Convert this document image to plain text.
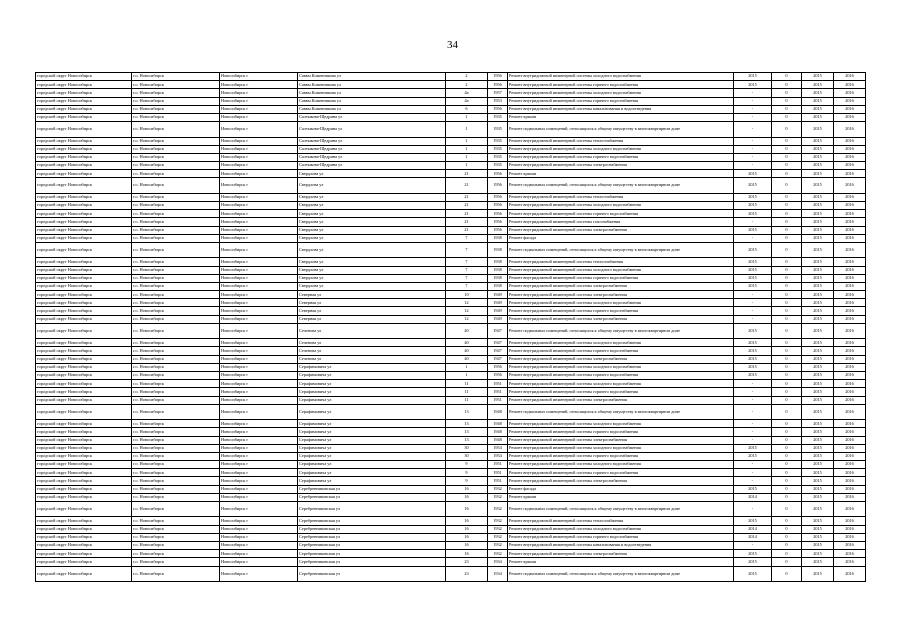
34
городской округ Новосибирск	г.о. Новосибирск	Новосибирск г	Саввы Кожевникова ул	2	1956	Ремонт внутридомовой инженерной системы холодного водоснабжения	2015	0	2015	2016
городской округ Новосибирск	г.о. Новосибирск	Новосибирск г	Саввы Кожевникова ул	2	1956	Ремонт внутридомовой инженерной системы горячего водоснабжения	2015	0	2015	2016
городской округ Новосибирск	г.о. Новосибирск	Новосибирск г	Саввы Кожевникова ул	4а	1957	Ремонт внутридомовой инженерной системы холодного водоснабжения	-	0	2015	2016
городской округ Новосибирск	г.о. Новосибирск	Новосибирск г	Саввы Кожевникова ул	4а	1953	Ремонт внутридомовой инженерной системы горячего водоснабжения	-	0	2015	2016
городской округ Новосибирск	г.о. Новосибирск	Новосибирск г	Саввы Кожевникова ул	6	1956	Ремонт внутридомовой инженерной системы канализования и водоотведения	-	0	2015	2016
городской округ Новосибирск	г.о. Новосибирск	Новосибирск г	Салтыкова-Щедрина ул	1	1935	Ремонт крыши	-	0	2015	2016
городской округ Новосибирск	г.о. Новосибирск	Новосибирск г	Салтыкова-Щедрина ул	1	1935	Ремонт подвальных помещений, относящихся к общему имуществу в многоквартирном доме	-	0	2015	2016
городской округ Новосибирск	г.о. Новосибирск	Новосибирск г	Салтыкова-Щедрина ул	1	1935	Ремонт внутридомовой инженерной системы теплоснабжения	-	0	2015	2016
городской округ Новосибирск	г.о. Новосибирск	Новосибирск г	Салтыкова-Щедрина ул	1	1935	Ремонт внутридомовой инженерной системы холодного водоснабжения	-	0	2015	2016
городской округ Новосибирск	г.о. Новосибирск	Новосибирск г	Салтыкова-Щедрина ул	1	1935	Ремонт внутридомовой инженерной системы горячего водоснабжения	-	0	2015	2016
городской округ Новосибирск	г.о. Новосибирск	Новосибирск г	Салтыкова-Щедрина ул	1	1935	Ремонт внутридомовой инженерной системы электроснабжения	-	0	2015	2016
городской округ Новосибирск	г.о. Новосибирск	Новосибирск г	Свердлова ул	21	1956	Ремонт крыши	2015	0	2015	2016
городской округ Новосибирск	г.о. Новосибирск	Новосибирск г	Свердлова ул	21	1956	Ремонт подвальных помещений, относящихся к общему имуществу в многоквартирном доме	2015	0	2015	2016
городской округ Новосибирск	г.о. Новосибирск	Новосибирск г	Свердлова ул	21	1956	Ремонт внутридомовой инженерной системы теплоснабжения	2015	0	2015	2016
городской округ Новосибирск	г.о. Новосибирск	Новосибирск г	Свердлова ул	21	1956	Ремонт внутридомовой инженерной системы холодного водоснабжения	2015	0	2015	2016
городской округ Новосибирск	г.о. Новосибирск	Новосибирск г	Свердлова ул	21	1956	Ремонт внутридомовой инженерной системы горячего водоснабжения	2015	0	2015	2016
городской округ Новосибирск	г.о. Новосибирск	Новосибирск г	Свердлова ул	21	1956	Ремонт внутридомовой инженерной системы газоснабжения	-	0	2015	2016
городской округ Новосибирск	г.о. Новосибирск	Новосибирск г	Свердлова ул	21	1956	Ремонт внутридомовой инженерной системы электроснабжения	2015	0	2015	2016
городской округ Новосибирск	г.о. Новосибирск	Новосибирск г	Свердлова ул	7	1938	Ремонт фасада	-	0	2015	2016
городской округ Новосибирск	г.о. Новосибирск	Новосибирск г	Свердлова ул	7	1938	Ремонт подвальных помещений, относящихся к общему имуществу в многоквартирном доме	2015	0	2015	2016
городской округ Новосибирск	г.о. Новосибирск	Новосибирск г	Свердлова ул	7	1938	Ремонт внутридомовой инженерной системы теплоснабжения	2015	0	2015	2016
городской округ Новосибирск	г.о. Новосибирск	Новосибирск г	Свердлова ул	7	1938	Ремонт внутридомовой инженерной системы холодного водоснабжения	2015	0	2015	2016
городской округ Новосибирск	г.о. Новосибирск	Новосибирск г	Свердлова ул	7	1938	Ремонт внутридомовой инженерной системы горячего водоснабжения	2015	0	2015	2016
городской округ Новосибирск	г.о. Новосибирск	Новосибирск г	Свердлова ул	7	1938	Ремонт внутридомовой инженерной системы электроснабжения	2015	0	2015	2016
городской округ Новосибирск	г.о. Новосибирск	Новосибирск г	Северная ул	10	1949	Ремонт внутридомовой инженерной системы электроснабжения	-	0	2015	2016
городской округ Новосибирск	г.о. Новосибирск	Новосибирск г	Северная ул	12	1949	Ремонт внутридомовой инженерной системы холодного водоснабжения	-	0	2015	2016
городской округ Новосибирск	г.о. Новосибирск	Новосибирск г	Северная ул	12	1949	Ремонт внутридомовой инженерной системы горячего водоснабжения	-	0	2015	2016
городской округ Новосибирск	г.о. Новосибирск	Новосибирск г	Северная ул	12	1949	Ремонт внутридомовой инженерной системы электроснабжения	-	0	2015	2016
городской округ Новосибирск	г.о. Новосибирск	Новосибирск г	Сеченова ул	40	1947	Ремонт подвальных помещений, относящихся к общему имуществу в многоквартирном доме	2015	0	2015	2016
городской округ Новосибирск	г.о. Новосибирск	Новосибирск г	Сеченова ул	40	1947	Ремонт внутридомовой инженерной системы холодного водоснабжения	2015	0	2015	2016
городской округ Новосибирск	г.о. Новосибирск	Новосибирск г	Сеченова ул	40	1947	Ремонт внутридомовой инженерной системы горячего водоснабжения	2015	0	2015	2016
городской округ Новосибирск	г.о. Новосибирск	Новосибирск г	Сеченова ул	40	1947	Ремонт внутридомовой инженерной системы электроснабжения	2015	0	2015	2016
городской округ Новосибирск	г.о. Новосибирск	Новосибирск г	Серафимовича ул	1	1956	Ремонт внутридомовой инженерной системы холодного водоснабжения	2015	0	2015	2016
городской округ Новосибирск	г.о. Новосибирск	Новосибирск г	Серафимовича ул	1	1956	Ремонт внутридомовой инженерной системы горячего водоснабжения	2015	0	2015	2016
городской округ Новосибирск	г.о. Новосибирск	Новосибирск г	Серафимовича ул	11	1951	Ремонт внутридомовой инженерной системы холодного водоснабжения	-	0	2015	2016
городской округ Новосибирск	г.о. Новосибирск	Новосибирск г	Серафимовича ул	11	1951	Ремонт внутридомовой инженерной системы горячего водоснабжения	-	0	2015	2016
городской округ Новосибирск	г.о. Новосибирск	Новосибирск г	Серафимовича ул	11	1951	Ремонт внутридомовой инженерной системы электроснабжения	-	0	2015	2016
городской округ Новосибирск	г.о. Новосибирск	Новосибирск г	Серафимовича ул	13	1948	Ремонт подвальных помещений, относящихся к общему имуществу в многоквартирном доме	-	0	2015	2016
городской округ Новосибирск	г.о. Новосибирск	Новосибирск г	Серафимовича ул	13	1948	Ремонт внутридомовой инженерной системы холодного водоснабжения	-	0	2015	2016
городской округ Новосибирск	г.о. Новосибирск	Новосибирск г	Серафимовича ул	13	1948	Ремонт внутридомовой инженерной системы горячего водоснабжения	-	0	2015	2016
городской округ Новосибирск	г.о. Новосибирск	Новосибирск г	Серафимовича ул	13	1948	Ремонт внутридомовой инженерной системы электроснабжения	-	0	2015	2016
городской округ Новосибирск	г.о. Новосибирск	Новосибирск г	Серафимовича ул	30	1954	Ремонт внутридомовой инженерной системы холодного водоснабжения	2015	0	2015	2016
городской округ Новосибирск	г.о. Новосибирск	Новосибирск г	Серафимовича ул	30	1954	Ремонт внутридомовой инженерной системы горячего водоснабжения	2015	0	2015	2016
городской округ Новосибирск	г.о. Новосибирск	Новосибирск г	Серафимовича ул	9	1951	Ремонт внутридомовой инженерной системы холодного водоснабжения	-	0	2015	2016
городской округ Новосибирск	г.о. Новосибирск	Новосибирск г	Серафимовича ул	9	1951	Ремонт внутридомовой инженерной системы горячего водоснабжения	-	0	2015	2016
городской округ Новосибирск	г.о. Новосибирск	Новосибирск г	Серафимовича ул	9	1951	Ремонт внутридомовой инженерной системы электроснабжения	-	0	2015	2016
городской округ Новосибирск	г.о. Новосибирск	Новосибирск г	Серебренниковская ул	16	1932	Ремонт фасада	2015	0	2015	2016
городской округ Новосибирск	г.о. Новосибирск	Новосибирск г	Серебренниковская ул	16	1932	Ремонт крыши	2014	0	2015	2016
городской округ Новосибирск	г.о. Новосибирск	Новосибирск г	Серебренниковская ул	16	1932	Ремонт подвальных помещений, относящихся к общему имуществу в многоквартирном доме	-	0	2015	2016
городской округ Новосибирск	г.о. Новосибирск	Новосибирск г	Серебренниковская ул	16	1932	Ремонт внутридомовой инженерной системы теплоснабжения	2015	0	2015	2016
городской округ Новосибирск	г.о. Новосибирск	Новосибирск г	Серебренниковская ул	16	1932	Ремонт внутридомовой инженерной системы холодного водоснабжения	2014	0	2015	2016
городской округ Новосибирск	г.о. Новосибирск	Новосибирск г	Серебренниковская ул	16	1932	Ремонт внутридомовой инженерной системы горячего водоснабжения	2014	0	2015	2016
городской округ Новосибирск	г.о. Новосибирск	Новосибирск г	Серебренниковская ул	16	1932	Ремонт внутридомовой инженерной системы канализования и водоотведения	-	0	2015	2016
городской округ Новосибирск	г.о. Новосибирск	Новосибирск г	Серебренниковская ул	16	1932	Ремонт внутридомовой инженерной системы электроснабжения	2015	0	2015	2016
городской округ Новосибирск	г.о. Новосибирск	Новосибирск г	Серебренниковская ул	23	1934	Ремонт крыши	2015	0	2015	2016
городской округ Новосибирск	г.о. Новосибирск	Новосибирск г	Серебренниковская ул	23	1934	Ремонт подвальных помещений, относящихся к общему имуществу в многоквартирном доме	2015	0	2015	2016
